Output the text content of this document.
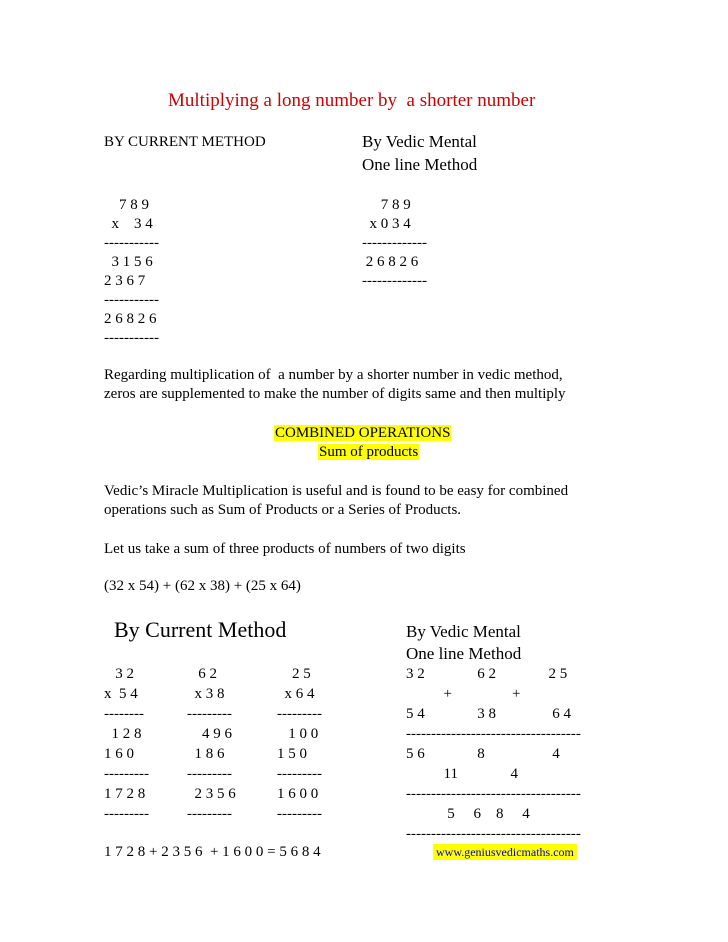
Multiplying a long number by  a shorter number
BY CURRENT METHOD	By Vedic Mental
One line Method
7 8 9
x    3 4
-----------
3 1 5 6
2 3 6 7
-----------
2 6 8 2 6
-----------
7 8 9
x 0 3 4
-------------
2 6 8 2 6
-------------
Regarding multiplication of  a number by a shorter number in vedic method,
zeros are supplemented to make the number of digits same and then multiply
COMBINED OPERATIONS
Sum of products
Vedic’s Miracle Multiplication is useful and is found to be easy for combined
operations such as Sum of Products or a Series of Products.
Let us take a sum of three products of numbers of two digits
(32 x 54) + (62 x 38) + (25 x 64)
By Current Method	By Vedic Mental
One line Method
3 2
x  5 4
--------
1 2 8
1 6 0
---------
1 7 2 8
---------
6 2
x 3 8
---------
4 9 6
1 8 6
---------
2 3 5 6
---------
2 5
x 6 4
---------
1 0 0
1 5 0
---------
1 6 0 0
---------
3 2              6 2              2 5
+                +
5 4              3 8               6 4
-----------------------------------
5 6              8                  4
11              4
-----------------------------------
5     6    8     4
-----------------------------------
1 7 2 8 + 2 3 5 6  + 1 6 0 0 = 5 6 8 4	www.geniusvedicmaths.com
